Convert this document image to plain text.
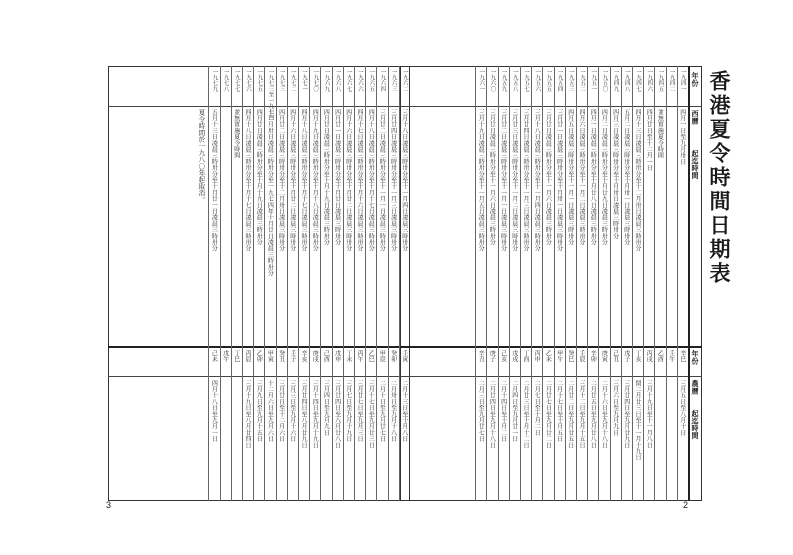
香港夏令時間日期表
年份
西曆
起迄時間
年份
農曆
起迄時間
一九四一
四月一日至九月卅日
辛巳
三月五日至八月十日
一九四二
壬午
一九四五
並無實施夏令時間
乙酉
一九四六
四月廿日至十二月一日
丙戌
三月十九日至十一月八日
一九四七
四月十三日凌晨三時卅分至十二月卅日凌晨三時卅分
丁亥
閏二月廿三日至十一月十九日
一九四八
五月二日凌晨三時卅分至十月卅一日凌晨三時卅分
戊子
三月廿四日至九月廿九日
一九四九
四月三日凌晨三時卅分至十月卅日凌晨三時卅分
己丑
三月六日至九月九日
一九五〇
四月二日凌晨三時卅分至十月廿九日凌晨三時卅分
庚寅
二月十六日至九月十八日
一九五一
四月一日凌晨三時卅分至十月廿八日凌晨三時卅分
辛卯
二月廿五日至九月廿八日
一九五二
四月六日凌晨三時卅分至十一月二日凌晨三時卅分
壬辰
三月十二日至九月十五日
一九五三
四月五日凌晨三時卅分至十一月一日凌晨三時卅分
癸巳
二月廿二日至九月廿五日
一九五四
三月廿一日凌晨三時卅分至十月卅一日凌晨三時卅分
甲午
二月十七日至十月五日
一九五五
三月廿日凌晨三時卅分至十一月六日凌晨三時卅分
乙未
二月廿七日至九月廿二日
一九五六
三月十八日凌晨三時卅分至十一月四日凌晨三時卅分
丙申
二月七日至十月二日
一九五七
三月廿四日凌晨三時卅分至十一月三日凌晨三時卅分
丁酉
二月廿三日至十月十二日
一九五八
三月廿三日凌晨三時卅分至十一月二日凌晨三時卅分
戊戌
二月四日至九月廿一日
一九五九
三月廿二日凌晨三時卅分至十一月一日凌晨三時卅分
己亥
二月十四日至十月二日
一九六〇
三月廿日凌晨三時卅分至十一月六日凌晨三時卅分
庚子
二月廿四日至九月十八日
一九六一
三月十九日凌晨三時卅分至十一月五日凌晨三時卅分
辛丑
二月三日至九月廿七日
一九六二
三月十八日凌晨三時卅分至十一月四日凌晨三時卅分
壬寅
二月十三日至十月八日
一九六三
三月廿四日凌晨三時卅分至十一月三日凌晨三時卅分
癸卯
二月卅日至九月十八日
一九六四
三月廿二日凌晨三時卅分至十一月一日凌晨三時卅分
甲辰
二月十日至九月廿七日
一九六五
四月十八日凌晨三時卅分至十月十七日凌晨三時卅分
乙巳
三月十七日至九月廿三日
一九六六
四月十七日凌晨三時卅分至十月十六日凌晨三時卅分
丙午
三月廿七日至九月三日
一九六七
四月十六日凌晨三時卅分至十月廿二日凌晨三時卅分
丁未
三月七日至九月十九日
一九六八
四月廿一日凌晨三時卅分至十月廿日凌晨三時卅分
戊申
三月廿四日至八月廿八日
一九六九
四月廿日凌晨三時卅分至十月十九日凌晨三時卅分
己酉
三月四日至九月九日
一九七〇
四月十九日凌晨三時卅分至十月十八日凌晨三時卅分
庚戌
三月十四日至九月十九日
一九七一
四月十八日凌晨三時卅分至十月十七日凌晨三時卅分
辛亥
三月廿四日至八月廿九日
一九七二
四月十六日凌晨三時卅分至十月廿二日凌晨三時卅分
壬子
三月三日至九月十六日
一九七三
四月廿二日凌晨三時卅分至十二月卅日凌晨三時卅分
癸丑
三月廿日至十二月六日
一九七三至一九七四
十二月卅日凌晨三時卅分至一九七四年十月廿日凌晨三時卅分
甲寅
十二月六日至九月六日
一九七五
四月廿日凌晨三時卅分至十月十九日凌晨三時卅分
乙卯
三月九日至九月十五日
一九七六
四月十八日凌晨三時卅分至十月十七日凌晨三時卅分
丙辰
三月十九日至八月廿四日
一九七七
並無實施夏令時間
丁巳
一九七八
戊午
一九七九
五月十三日凌晨三時卅分至十月廿一日凌晨三時卅分
己未
四月十八日至九月一日
夏令時間於一九八〇年起取消。
3	2
